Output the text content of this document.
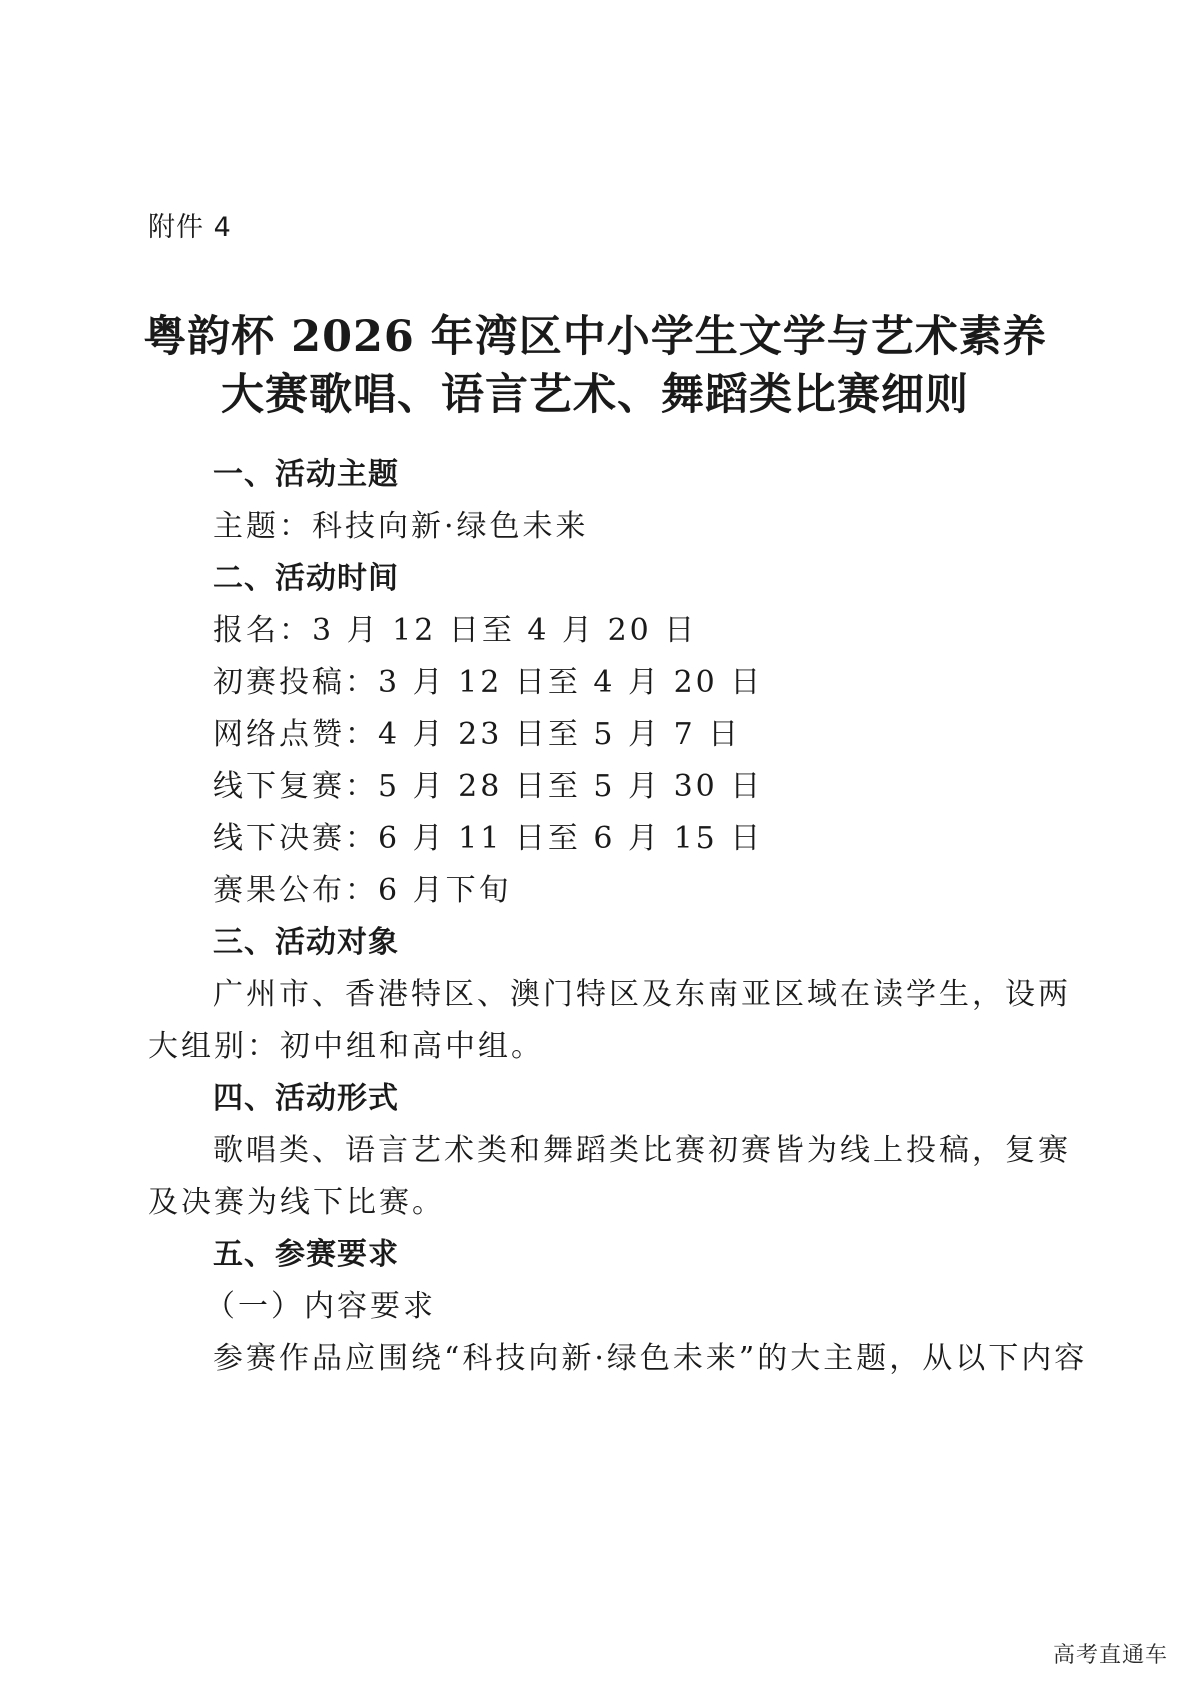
附件 4
粤韵杯 2026 年湾区中小学生文学与艺术素养
大赛歌唱、语言艺术、舞蹈类比赛细则
一、活动主题
主题：科技向新·绿色未来
二、活动时间
报名：3 月 12 日至 4 月 20 日
初赛投稿：3 月 12 日至 4 月 20 日
网络点赞：4 月 23 日至 5 月 7 日
线下复赛：5 月 28 日至 5 月 30 日
线下决赛：6 月 11 日至 6 月 15 日
赛果公布：6 月下旬
三、活动对象
广州市、香港特区、澳门特区及东南亚区域在读学生，设两
大组别：初中组和高中组。
四、活动形式
歌唱类、语言艺术类和舞蹈类比赛初赛皆为线上投稿，复赛
及决赛为线下比赛。
五、参赛要求
（一）内容要求
参赛作品应围绕“科技向新·绿色未来”的大主题，从以下内容
高考直通车
